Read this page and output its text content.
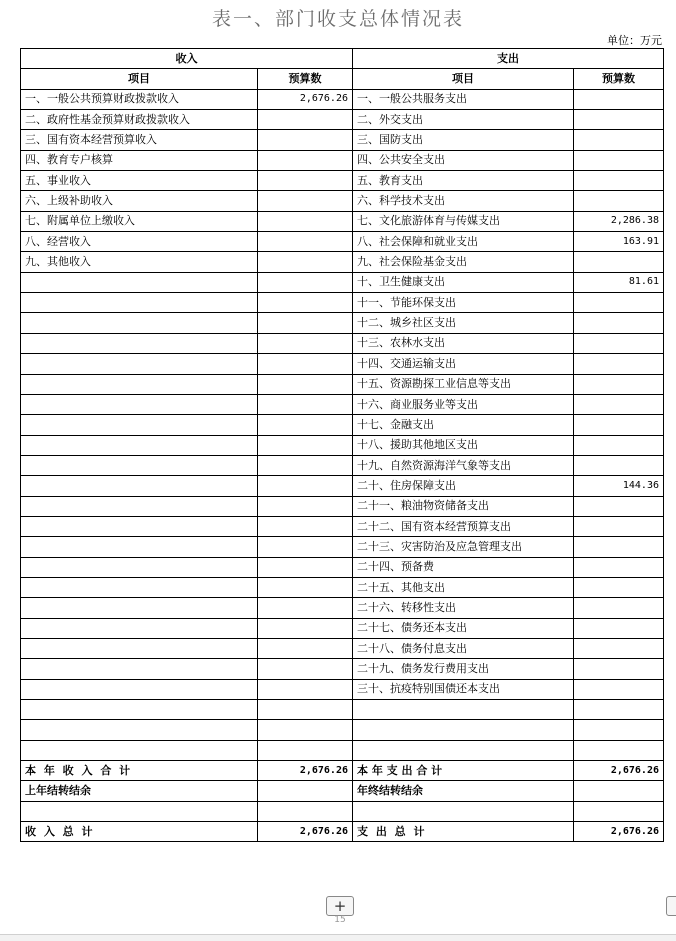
表一、部门收支总体情况表
单位：万元
收入		支出	
项目	预算数	项目	预算数
一、一般公共预算财政拨款收入	2,676.26	一、一般公共服务支出	
二、政府性基金预算财政拨款收入		二、外交支出	
三、国有资本经营预算收入		三、国防支出	
四、教育专户核算		四、公共安全支出	
五、事业收入		五、教育支出	
六、上级补助收入		六、科学技术支出	
七、附属单位上缴收入		七、文化旅游体育与传媒支出	2,286.38
八、经营收入		八、社会保障和就业支出	163.91
九、其他收入		九、社会保险基金支出	
		十、卫生健康支出	81.61
		十一、节能环保支出	
		十二、城乡社区支出	
		十三、农林水支出	
		十四、交通运输支出	
		十五、资源勘探工业信息等支出	
		十六、商业服务业等支出	
		十七、金融支出	
		十八、援助其他地区支出	
		十九、自然资源海洋气象等支出	
		二十、住房保障支出	144.36
		二十一、粮油物资储备支出	
		二十二、国有资本经营预算支出	
		二十三、灾害防治及应急管理支出	
		二十四、预备费	
		二十五、其他支出	
		二十六、转移性支出	
		二十七、债务还本支出	
		二十八、债务付息支出	
		二十九、债务发行费用支出	
		三十、抗疫特别国债还本支出	

本 年 收 入 合 计	2,676.26	本 年 支 出 合 计	2,676.26
上年结转结余		年终结转结余	

收 入 总 计	2,676.26	支 出 总 计	2,676.26
+
15
